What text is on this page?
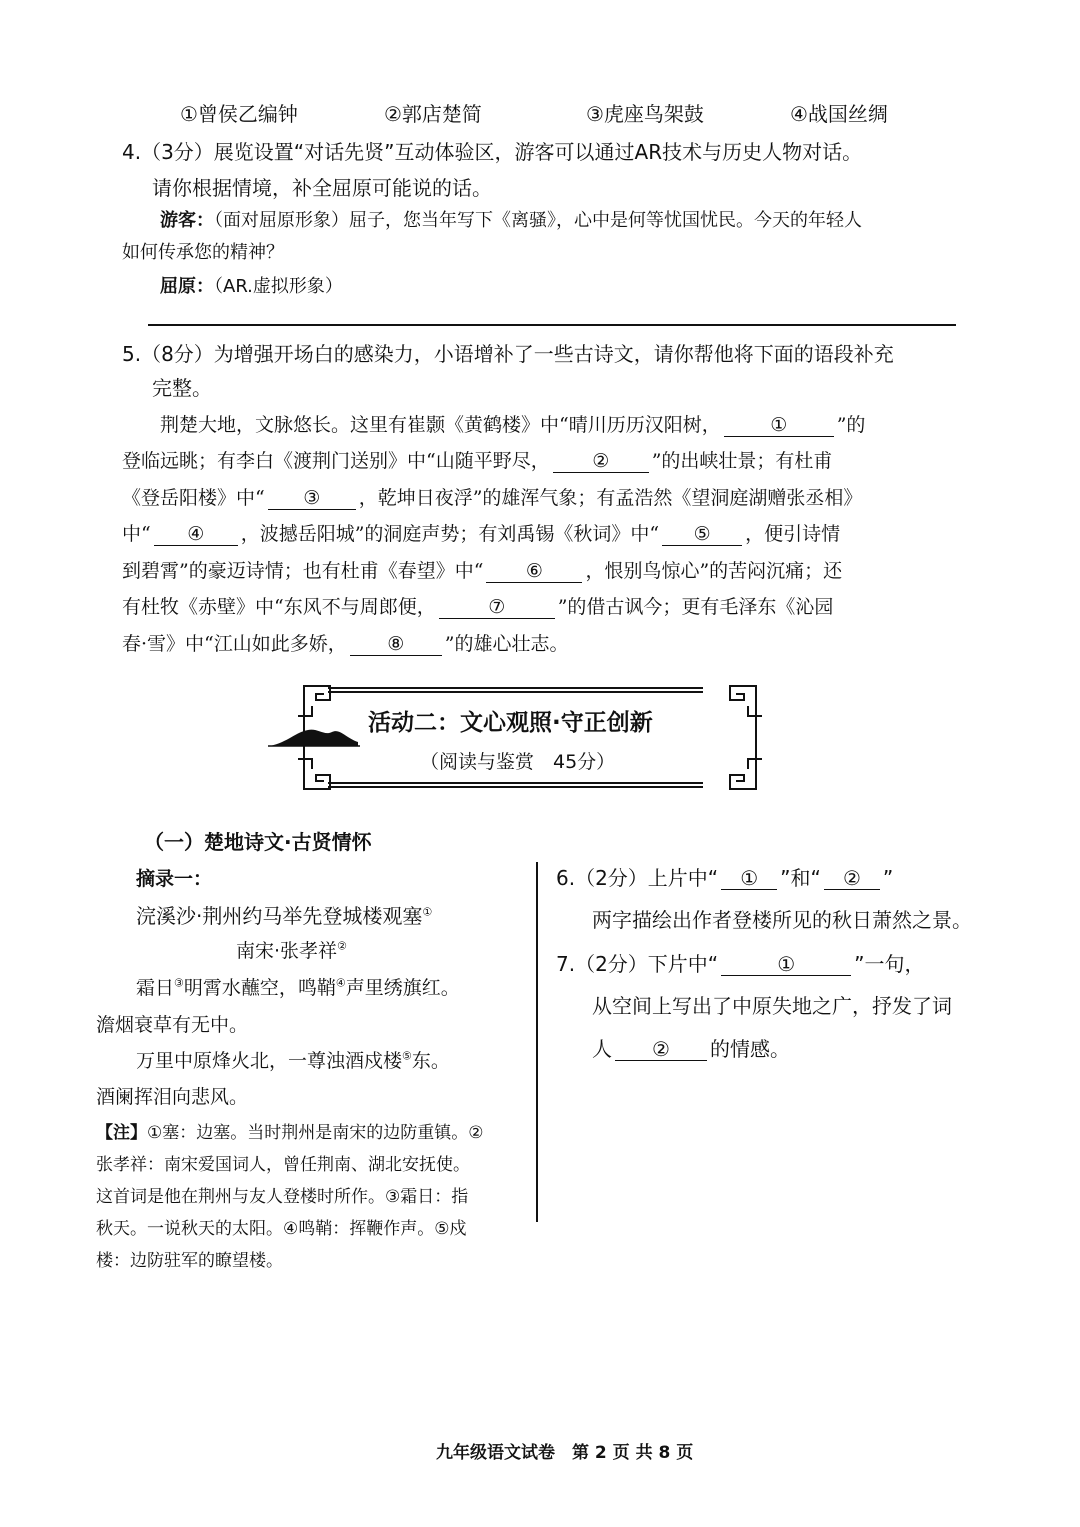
①曾侯乙编钟	②郭店楚简	③虎座鸟架鼓	④战国丝绸
4.（3分）展览设置“对话先贤”互动体验区，游客可以通过AR技术与历史人物对话。
请你根据情境，补全屈原可能说的话。
游客：（面对屈原形象）屈子，您当年写下《离骚》，心中是何等忧国忧民。今天的年轻人
如何传承您的精神？
屈原：（AR.虚拟形象）
5.（8分）为增强开场白的感染力，小语增补了一些古诗文，请你帮他将下面的语段补充
完整。
荆楚大地，文脉悠长。这里有崔颢《黄鹤楼》中“晴川历历汉阳树，	①	”的
登临远眺；有李白《渡荆门送别》中“山随平野尽， ② ”的出峡壮景；有杜甫
《登岳阳楼》中“ ③ ，乾坤日夜浮”的雄浑气象；有孟浩然《望洞庭湖赠张丞相》
中“ ④ ，波撼岳阳城”的洞庭声势；有刘禹锡《秋词》中“ ⑤ ，便引诗情
到碧霄”的豪迈诗情；也有杜甫《春望》中“ ⑥ ，恨别鸟惊心”的苦闷沉痛；还
有杜牧《赤壁》中“东风不与周郎便，	⑦	”的借古讽今；更有毛泽东《沁园
春·雪》中“江山如此多娇， ⑧ ”的雄心壮志。
活动二：文心观照·守正创新
（阅读与鉴赏　45分）
（一）楚地诗文·古贤情怀
摘录一：
浣溪沙·荆州约马举先登城楼观塞①
南宋·张孝祥②
霜日③明霄水蘸空，鸣鞘④声里绣旗红。
澹烟衰草有无中。
万里中原烽火北，一尊浊酒戍楼⑤东。
酒阑挥泪向悲风。
【注】①塞：边塞。当时荆州是南宋的边防重镇。②
张孝祥：南宋爱国词人，曾任荆南、湖北安抚使。
这首词是他在荆州与友人登楼时所作。③霜日：指
秋天。一说秋天的太阳。④鸣鞘：挥鞭作声。⑤戍
楼：边防驻军的瞭望楼。
6.（2分）上片中“ ① ”和“ ② ”
两字描绘出作者登楼所见的秋日萧然之景。
7.（2分）下片中“	①	”一句，
从空间上写出了中原失地之广，抒发了词
人 ② 的情感。
九年级语文试卷　第 2 页 共 8 页
